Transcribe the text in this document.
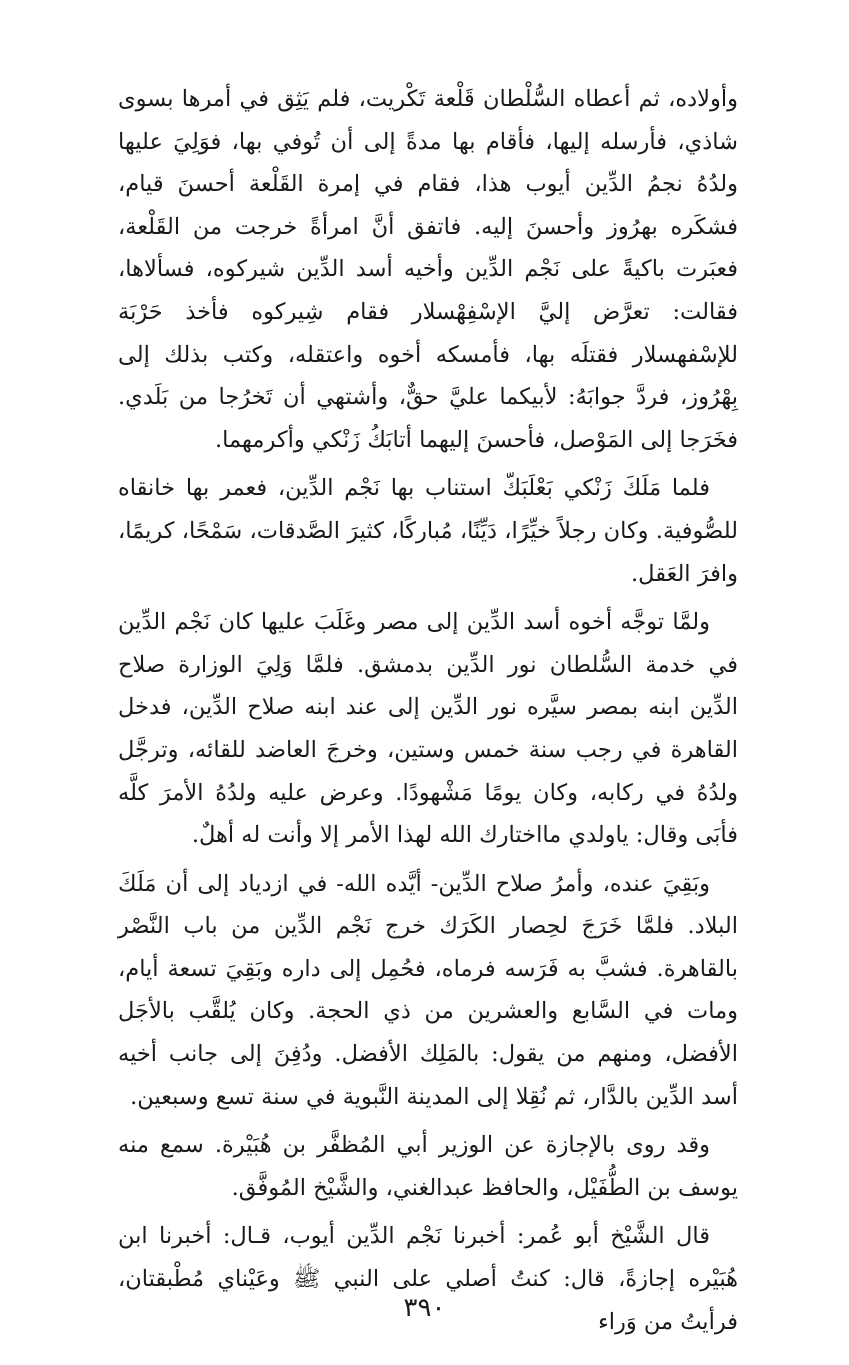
وأولاده، ثم أعطاه السُّلْطان قَلْعة تَكْريت، فلم يَثِق في أمرها بسوى شاذي، فأرسله إليها، فأقام بها مدةً إلى أن تُوفي بها، فوَلِيَ عليها ولدُهُ نجمُ الدِّين أيوب هذا، فقام في إمرة القَلْعة أحسنَ قيام، فشكَره بهرُوز وأحسنَ إليه. فاتفق أنَّ امرأةً خرجت من القَلْعة، فعبَرت باكيةً على نَجْم الدِّين وأخيه أسد الدِّين شيركوه، فسألاها، فقالت: تعرَّض إليَّ الإسْفِهْسلار فقام شِيركوه فأخذ حَرْبَة للإسْفهسلار فقتلَه بها، فأمسكه أخوه واعتقله، وكتب بذلك إلى بِهْرُوز، فردَّ جوابَهُ: لأبيكما عليَّ حقٌّ، وأشتهي أن تَخرُجا من بَلَدي. فخَرَجا إلى المَوْصل، فأحسنَ إليهما أتابَكُ زَنْكي وأكرمهما.

فلما مَلَكَ زَنْكي بَعْلَبَكّ استناب بها نَجْم الدِّين، فعمر بها خانقاه للصُّوفية. وكان رجلاً خيِّرًا، دَيِّنًا، مُباركًا، كثيرَ الصَّدقات، سَمْحًا، كريمًا، وافرَ العَقل.

ولمَّا توجَّه أخوه أسد الدِّين إلى مصر وغَلَبَ عليها كان نَجْم الدِّين في خدمة السُّلطان نور الدِّين بدمشق. فلمَّا وَلِيَ الوزارة صلاح الدِّين ابنه بمصر سيَّره نور الدِّين إلى عند ابنه صلاح الدِّين، فدخل القاهرة في رجب سنة خمس وستين، وخرجَ العاضد للقائه، وترجَّل ولدُهُ في ركابه، وكان يومًا مَشْهودًا. وعرض عليه ولدُهُ الأمرَ كلَّه فأبَى وقال: ياولدي مااختارك الله لهذا الأمر إلا وأنت له أهلٌ.

وبَقِيَ عنده، وأمرُ صلاح الدِّين- أيَّده الله- في ازدياد إلى أن مَلَكَ البلاد. فلمَّا خَرَجَ لحِصار الكَرَك خرج نَجْم الدِّين من باب النَّصْر بالقاهرة. فشبَّ به فَرَسه فرماه، فحُمِل إلى داره وبَقِيَ تسعة أيام، ومات في السَّابع والعشرين من ذي الحجة. وكان يُلقَّب بالأجَل الأفضل، ومنهم من يقول: بالمَلِك الأفضل. ودُفِنَ إلى جانب أخيه أسد الدِّين بالدَّار، ثم نُقِلا إلى المدينة النَّبوية في سنة تسع وسبعين.

وقد روى بالإجازة عن الوزير أبي المُظفَّر بن هُبَيْرة. سمع منه يوسف بن الطُّفَيْل، والحافظ عبدالغني، والشَّيْخ المُوفَّق.

قال الشَّيْخ أبو عُمر: أخبرنا نَجْم الدِّين أيوب، قـال: أخبرنا ابن هُبَيْره إجازةً، قال: كنتُ أصلي على النبي ﷺ وعَيْناي مُطْبقتان، فرأيتُ من وَراء

٣٩٠
